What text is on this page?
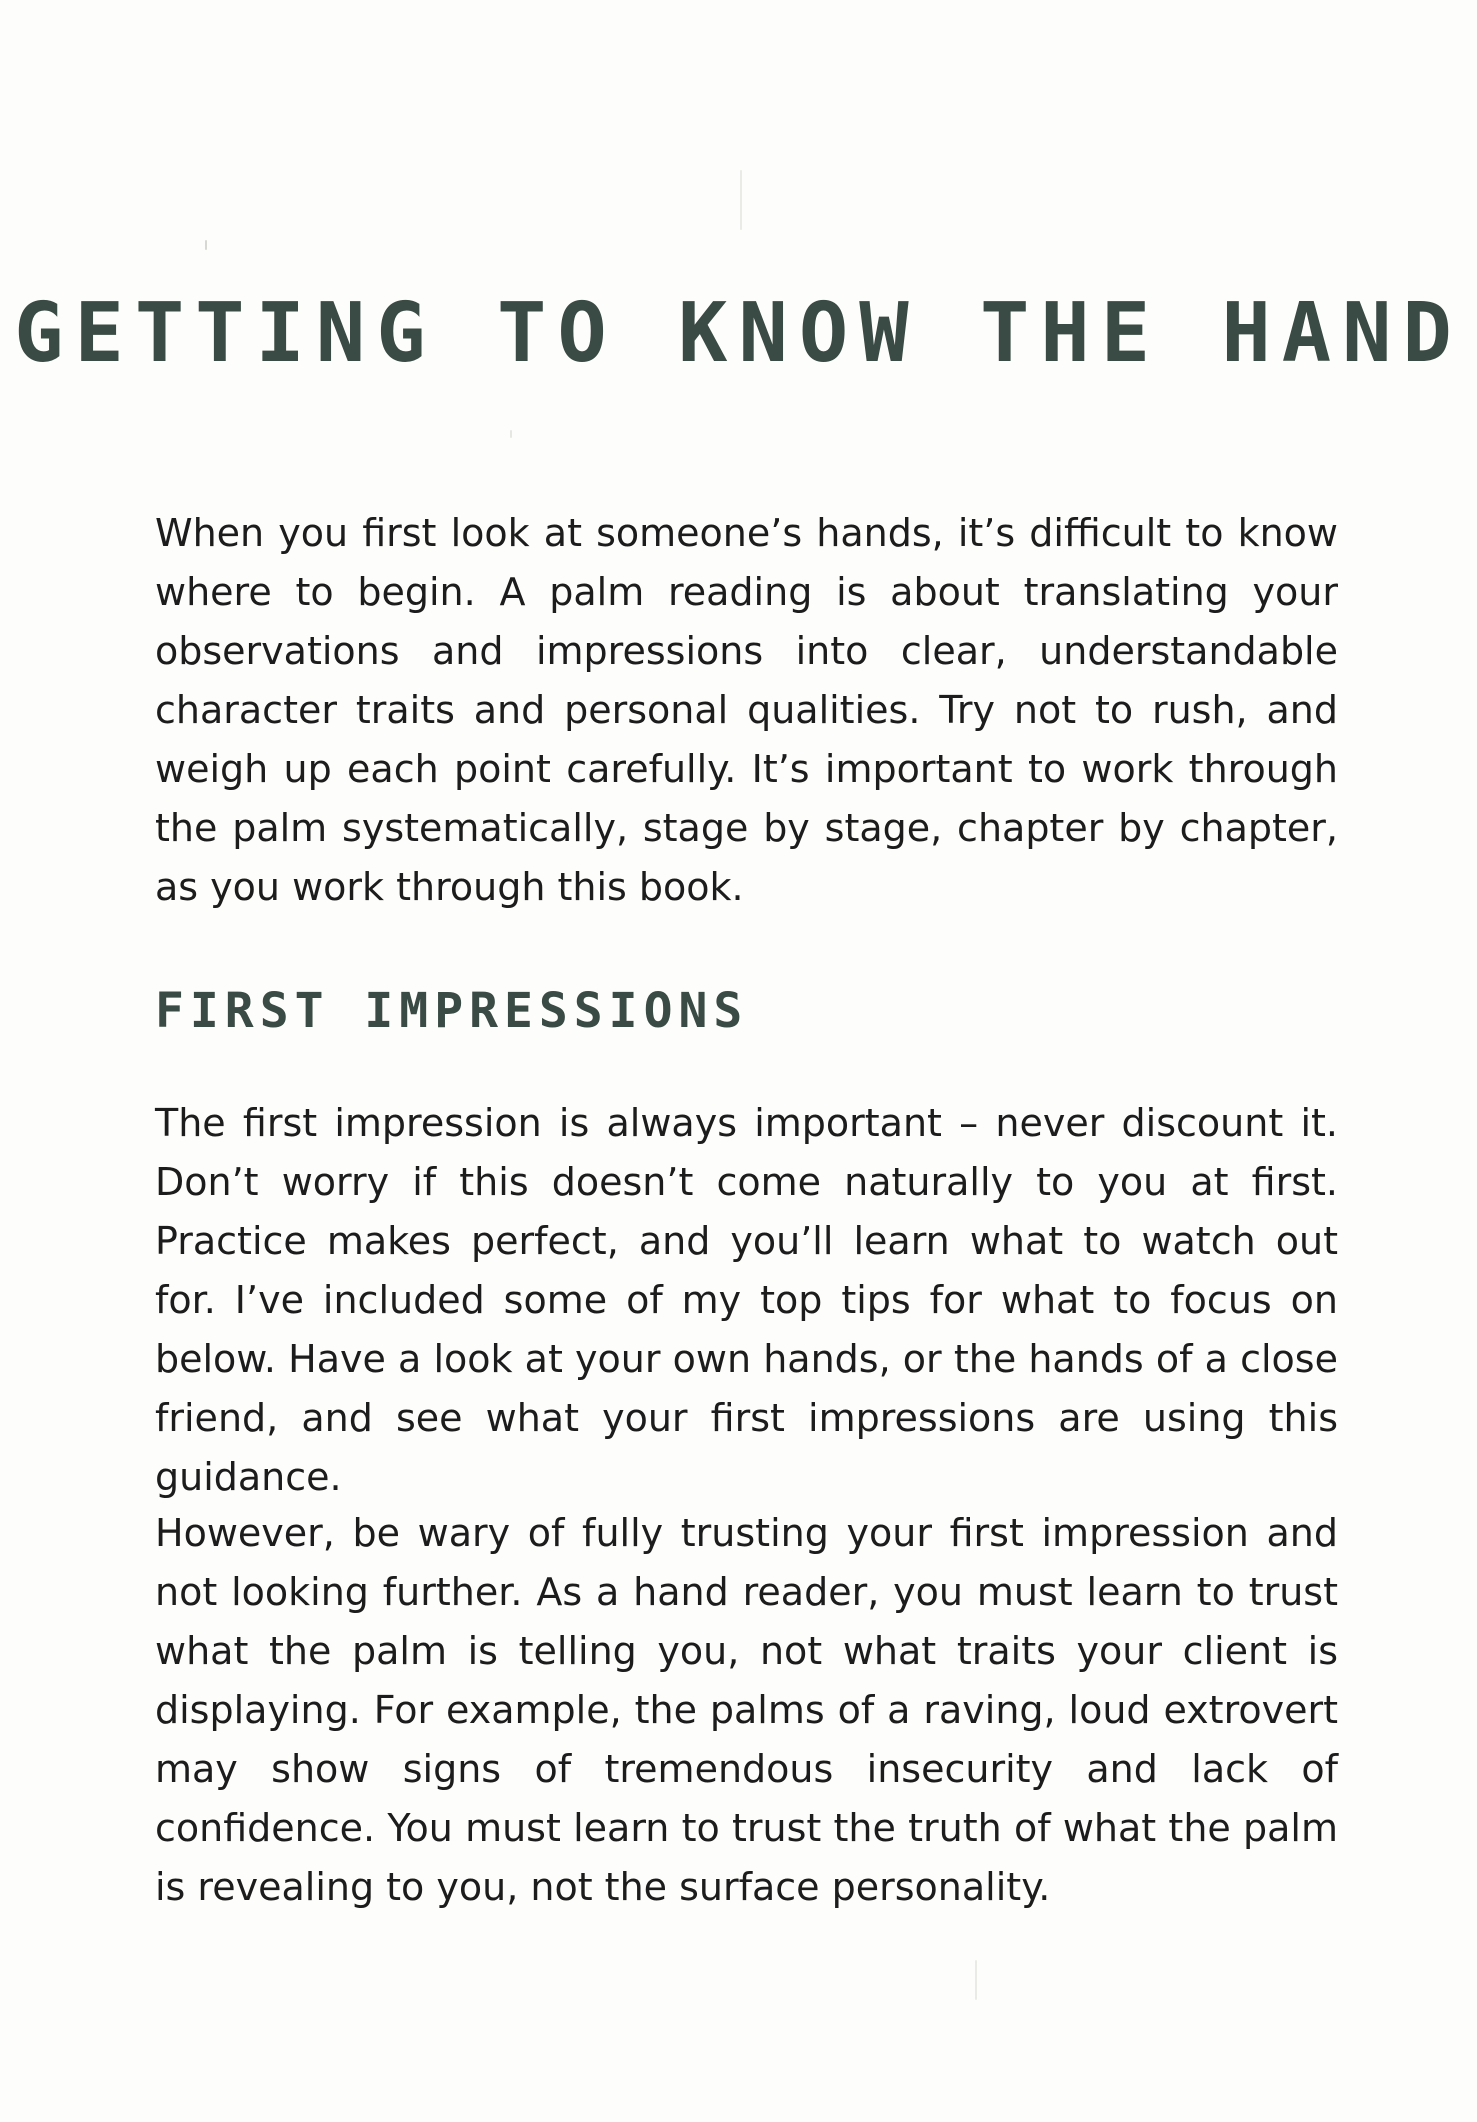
GETTING TO KNOW THE HAND

When you first look at someone’s hands, it’s difficult to know where to begin. A palm reading is about translating your observations and impressions into clear, understandable character traits and personal qualities. Try not to rush, and weigh up each point carefully. It’s important to work through the palm systematically, stage by stage, chapter by chapter, as you work through this book.

FIRST IMPRESSIONS

The first impression is always important – never discount it. Don’t worry if this doesn’t come naturally to you at first. Practice makes perfect, and you’ll learn what to watch out for. I’ve included some of my top tips for what to focus on below. Have a look at your own hands, or the hands of a close friend, and see what your first impressions are using this guidance.

However, be wary of fully trusting your first impression and not looking further. As a hand reader, you must learn to trust what the palm is telling you, not what traits your client is displaying. For example, the palms of a raving, loud extrovert may show signs of tremendous insecurity and lack of confidence. You must learn to trust the truth of what the palm is revealing to you, not the surface personality.
